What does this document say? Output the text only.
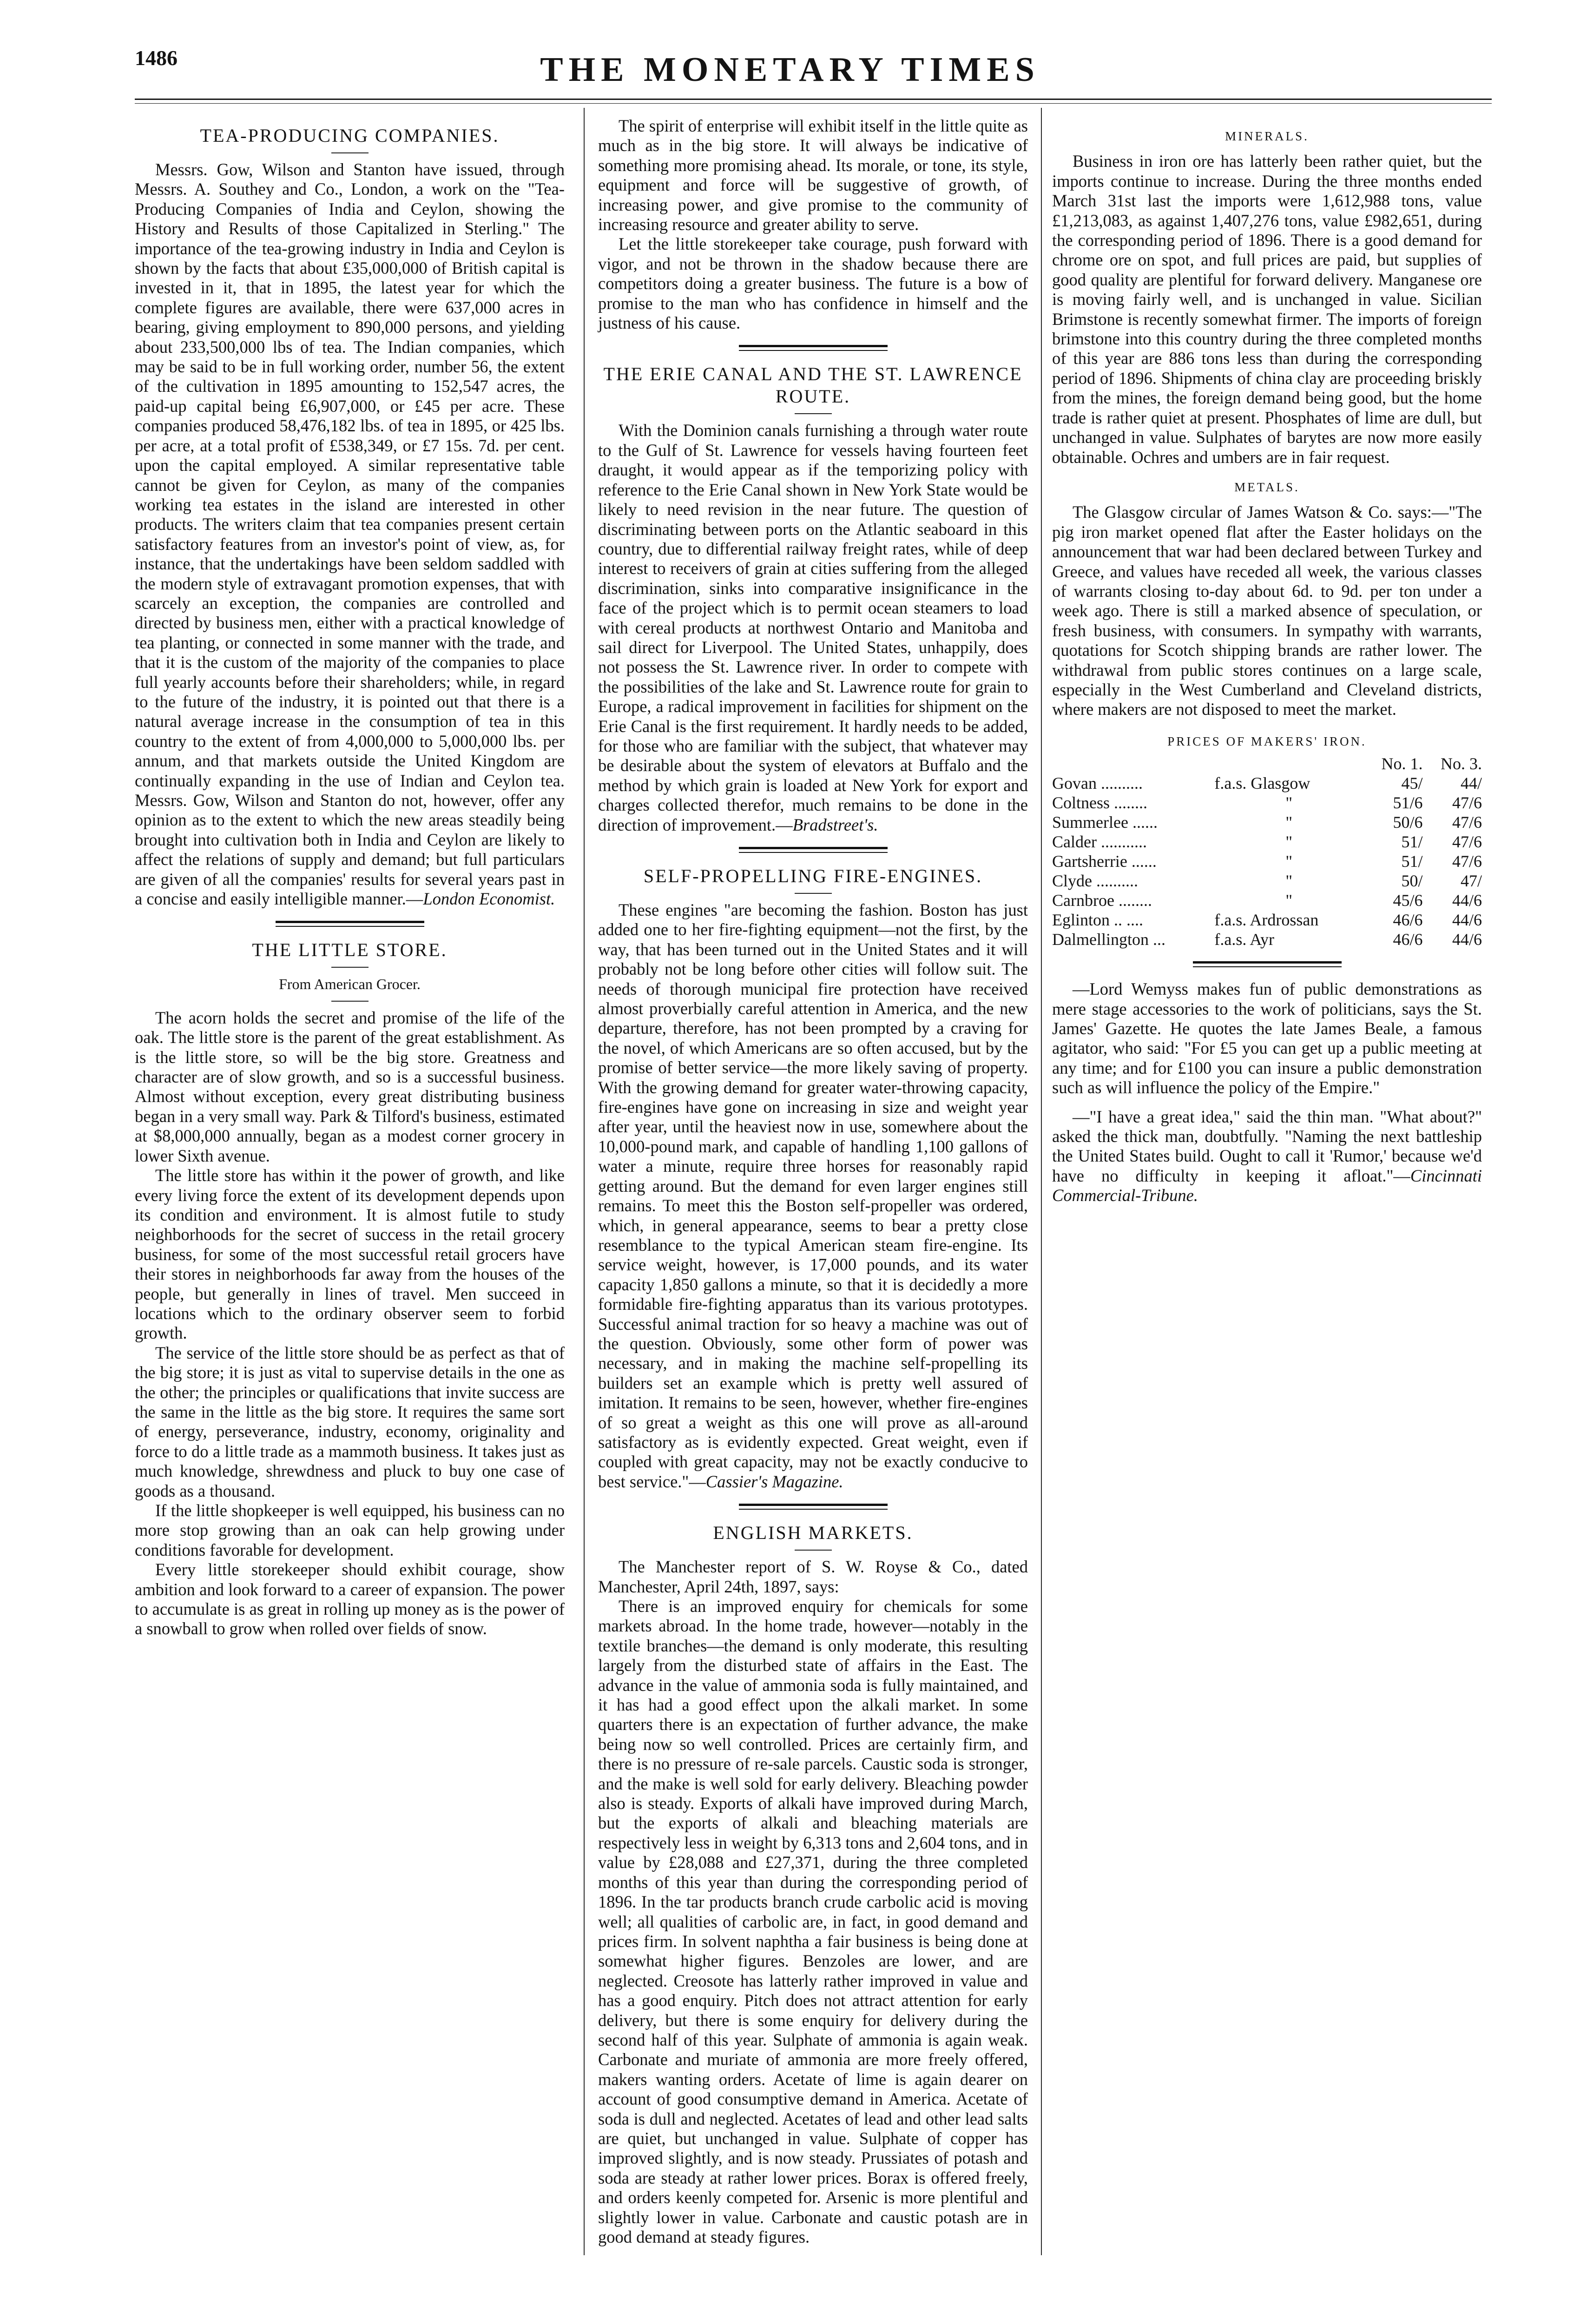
1486	THE MONETARY TIMES
TEA-PRODUCING COMPANIES.

Messrs. Gow, Wilson and Stanton have issued, through Messrs. A. Southey and Co., London, a work on the "Tea-Producing Companies of India and Ceylon, showing the History and Results of those Capitalized in Sterling." The importance of the tea-growing industry in India and Ceylon is shown by the facts that about £35,000,000 of British capital is invested in it, that in 1895, the latest year for which the complete figures are available, there were 637,000 acres in bearing, giving employment to 890,000 persons, and yielding about 233,500,000 lbs of tea. The Indian companies, which may be said to be in full working order, number 56, the extent of the cultivation in 1895 amounting to 152,547 acres, the paid-up capital being £6,907,000, or £45 per acre. These companies produced 58,476,182 lbs. of tea in 1895, or 425 lbs. per acre, at a total profit of £538,349, or £7 15s. 7d. per cent. upon the capital employed. A similar representative table cannot be given for Ceylon, as many of the companies working tea estates in the island are interested in other products. The writers claim that tea companies present certain satisfactory features from an investor's point of view, as, for instance, that the undertakings have been seldom saddled with the modern style of extravagant promotion expenses, that with scarcely an exception, the companies are controlled and directed by business men, either with a practical knowledge of tea planting, or connected in some manner with the trade, and that it is the custom of the majority of the companies to place full yearly accounts before their shareholders; while, in regard to the future of the industry, it is pointed out that there is a natural average increase in the consumption of tea in this country to the extent of from 4,000,000 to 5,000,000 lbs. per annum, and that markets outside the United Kingdom are continually expanding in the use of Indian and Ceylon tea. Messrs. Gow, Wilson and Stanton do not, however, offer any opinion as to the extent to which the new areas steadily being brought into cultivation both in India and Ceylon are likely to affect the relations of supply and demand; but full particulars are given of all the companies' results for several years past in a concise and easily intelligible manner.—London Economist.

THE LITTLE STORE.
From American Grocer.

The acorn holds the secret and promise of the life of the oak. The little store is the parent of the great establishment. As is the little store, so will be the big store. Greatness and character are of slow growth, and so is a successful business. Almost without exception, every great distributing business began in a very small way. Park & Tilford's business, estimated at $8,000,000 annually, began as a modest corner grocery in lower Sixth avenue.

The little store has within it the power of growth, and like every living force the extent of its development depends upon its condition and environment. It is almost futile to study neighborhoods for the secret of success in the retail grocery business, for some of the most successful retail grocers have their stores in neighborhoods far away from the houses of the people, but generally in lines of travel. Men succeed in locations which to the ordinary observer seem to forbid growth.

The service of the little store should be as perfect as that of the big store; it is just as vital to supervise details in the one as the other; the principles or qualifications that invite success are the same in the little as the big store. It requires the same sort of energy, perseverance, industry, economy, originality and force to do a little trade as a mammoth business. It takes just as much knowledge, shrewdness and pluck to buy one case of goods as a thousand.

If the little shopkeeper is well equipped, his business can no more stop growing than an oak can help growing under conditions favorable for development.

Every little storekeeper should exhibit courage, show ambition and look forward to a career of expansion. The power to accumulate is as great in rolling up money as is the power of a snowball to grow when rolled over fields of snow.

The spirit of enterprise will exhibit itself in the little quite as much as in the big store. It will always be indicative of something more promising ahead. Its morale, or tone, its style, equipment and force will be suggestive of growth, of increasing power, and give promise to the community of increasing resource and greater ability to serve.

Let the little storekeeper take courage, push forward with vigor, and not be thrown in the shadow because there are competitors doing a greater business. The future is a bow of promise to the man who has confidence in himself and the justness of his cause.

THE ERIE CANAL AND THE ST. LAWRENCE ROUTE.

With the Dominion canals furnishing a through water route to the Gulf of St. Lawrence for vessels having fourteen feet draught, it would appear as if the temporizing policy with reference to the Erie Canal shown in New York State would be likely to need revision in the near future. The question of discriminating between ports on the Atlantic seaboard in this country, due to differential railway freight rates, while of deep interest to receivers of grain at cities suffering from the alleged discrimination, sinks into comparative insignificance in the face of the project which is to permit ocean steamers to load with cereal products at northwest Ontario and Manitoba and sail direct for Liverpool. The United States, unhappily, does not possess the St. Lawrence river. In order to compete with the possibilities of the lake and St. Lawrence route for grain to Europe, a radical improvement in facilities for shipment on the Erie Canal is the first requirement. It hardly needs to be added, for those who are familiar with the subject, that whatever may be desirable about the system of elevators at Buffalo and the method by which grain is loaded at New York for export and charges collected therefor, much remains to be done in the direction of improvement.—Bradstreet's.

SELF-PROPELLING FIRE-ENGINES.

These engines "are becoming the fashion. Boston has just added one to her fire-fighting equipment—not the first, by the way, that has been turned out in the United States and it will probably not be long before other cities will follow suit. The needs of thorough municipal fire protection have received almost proverbially careful attention in America, and the new departure, therefore, has not been prompted by a craving for the novel, of which Americans are so often accused, but by the promise of better service—the more likely saving of property. With the growing demand for greater water-throwing capacity, fire-engines have gone on increasing in size and weight year after year, until the heaviest now in use, somewhere about the 10,000-pound mark, and capable of handling 1,100 gallons of water a minute, require three horses for reasonably rapid getting around. But the demand for even larger engines still remains. To meet this the Boston self-propeller was ordered, which, in general appearance, seems to bear a pretty close resemblance to the typical American steam fire-engine. Its service weight, however, is 17,000 pounds, and its water capacity 1,850 gallons a minute, so that it is decidedly a more formidable fire-fighting apparatus than its various prototypes. Successful animal traction for so heavy a machine was out of the question. Obviously, some other form of power was necessary, and in making the machine self-propelling its builders set an example which is pretty well assured of imitation. It remains to be seen, however, whether fire-engines of so great a weight as this one will prove as all-around satisfactory as is evidently expected. Great weight, even if coupled with great capacity, may not be exactly conducive to best service."—Cassier's Magazine.

ENGLISH MARKETS.

The Manchester report of S. W. Royse & Co., dated Manchester, April 24th, 1897, says:

There is an improved enquiry for chemicals for some markets abroad. In the home trade, however—notably in the textile branches—the demand is only moderate, this resulting largely from the disturbed state of affairs in the East. The advance in the value of ammonia soda is fully maintained, and it has had a good effect upon the alkali market. In some quarters there is an expectation of further advance, the make being now so well controlled. Prices are certainly firm, and there is no pressure of re-sale parcels. Caustic soda is stronger, and the make is well sold for early delivery. Bleaching powder also is steady. Exports of alkali have improved during March, but the exports of alkali and bleaching materials are respectively less in weight by 6,313 tons and 2,604 tons, and in value by £28,088 and £27,371, during the three completed months of this year than during the corresponding period of 1896. In the tar products branch crude carbolic acid is moving well; all qualities of carbolic are, in fact, in good demand and prices firm. In solvent naphtha a fair business is being done at somewhat higher figures. Benzoles are lower, and are neglected. Creosote has latterly rather improved in value and has a good enquiry. Pitch does not attract attention for early delivery, but there is some enquiry for delivery during the second half of this year. Sulphate of ammonia is again weak. Carbonate and muriate of ammonia are more freely offered, makers wanting orders. Acetate of lime is again dearer on account of good consumptive demand in America. Acetate of soda is dull and neglected. Acetates of lead and other lead salts are quiet, but unchanged in value. Sulphate of copper has improved slightly, and is now steady. Prussiates of potash and soda are steady at rather lower prices. Borax is offered freely, and orders keenly competed for. Arsenic is more plentiful and slightly lower in value. Carbonate and caustic potash are in good demand at steady figures.

MINERALS.

Business in iron ore has latterly been rather quiet, but the imports continue to increase. During the three months ended March 31st last the imports were 1,612,988 tons, value £1,213,083, as against 1,407,276 tons, value £982,651, during the corresponding period of 1896. There is a good demand for chrome ore on spot, and full prices are paid, but supplies of good quality are plentiful for forward delivery. Manganese ore is moving fairly well, and is unchanged in value. Sicilian Brimstone is recently somewhat firmer. The imports of foreign brimstone into this country during the three completed months of this year are 886 tons less than during the corresponding period of 1896. Shipments of china clay are proceeding briskly from the mines, the foreign demand being good, but the home trade is rather quiet at present. Phosphates of lime are dull, but unchanged in value. Sulphates of barytes are now more easily obtainable. Ochres and umbers are in fair request.

METALS.

The Glasgow circular of James Watson & Co. says:—"The pig iron market opened flat after the Easter holidays on the announcement that war had been declared between Turkey and Greece, and values have receded all week, the various classes of warrants closing to-day about 6d. to 9d. per ton under a week ago. There is still a marked absence of speculation, or fresh business, with consumers. In sympathy with warrants, quotations for Scotch shipping brands are rather lower. The withdrawal from public stores continues on a large scale, especially in the West Cumberland and Cleveland districts, where makers are not disposed to meet the market.

PRICES OF MAKERS' IRON.
		No. 1.	No. 3.
Govan ..........	f.a.s. Glasgow	45/	44/
Coltness ........	"	51/6	47/6
Summerlee ......	"	50/6	47/6
Calder ...........	"	51/	47/6
Gartsherrie ......	"	51/	47/6
Clyde ..........	"	50/	47/
Carnbroe ........	"	45/6	44/6
Eglinton .. ....	f.a.s. Ardrossan	46/6	44/6
Dalmellington ...	f.a.s. Ayr	46/6	44/6

—Lord Wemyss makes fun of public demonstrations as mere stage accessories to the work of politicians, says the St. James' Gazette. He quotes the late James Beale, a famous agitator, who said: "For £5 you can get up a public meeting at any time; and for £100 you can insure a public demonstration such as will influence the policy of the Empire."

—"I have a great idea," said the thin man. "What about?" asked the thick man, doubtfully. "Naming the next battleship the United States build. Ought to call it 'Rumor,' because we'd have no difficulty in keeping it afloat."—Cincinnati Commercial-Tribune.
